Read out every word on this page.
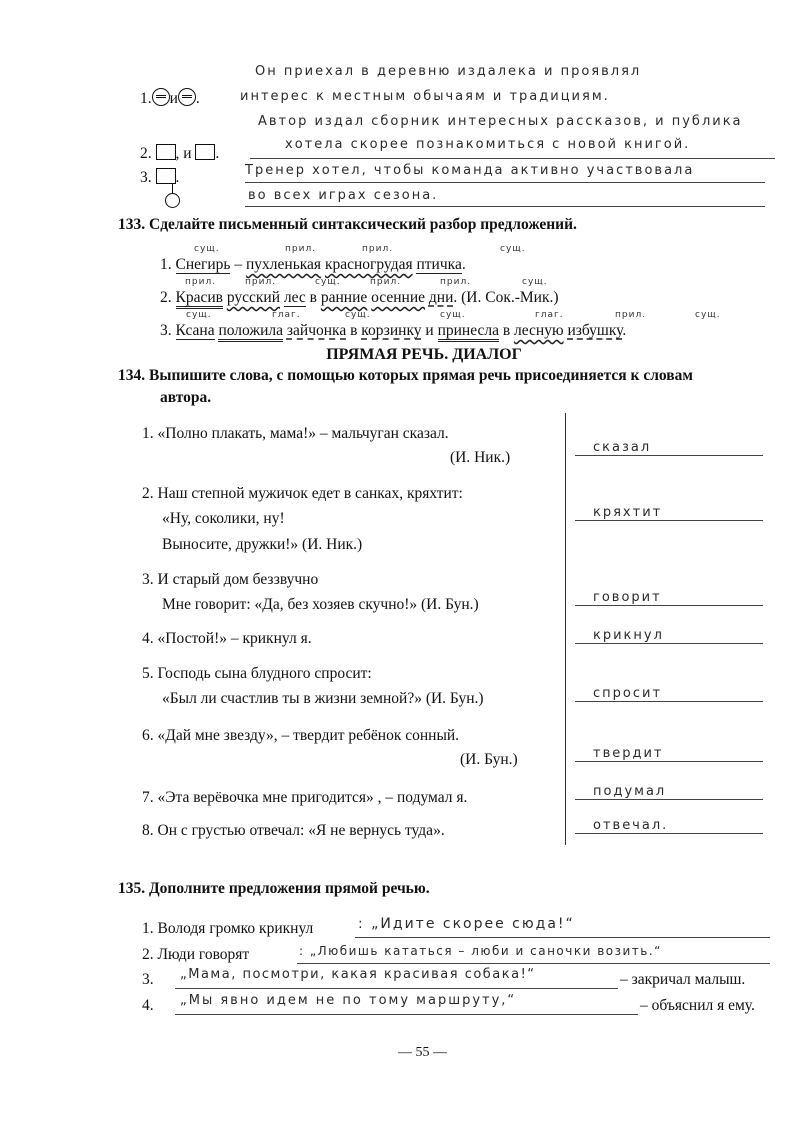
1. и .
Он приехал в деревню издалека и проявлял
интерес к местным обычаям и традициям.
Автор издал сборник интересных рассказов, и публика
2. , и .
хотела скорее познакомиться с новой книгой.
3. .	Тренер хотел, чтобы команда активно участвовала
во всех играх сезона.
133. Сделайте письменный синтаксический разбор предложений.
сущ.	прил.	прил.	сущ.
1. Снегирь – пухленькая красногрудая птичка.
прил.	прил.	сущ.	прил.	прил.	сущ.
2. Красив русский лес в ранние осенние дни. (И. Сок.-Мик.)
сущ.	глаг.	сущ.	сущ.	глаг.	прил.	сущ.
3. Ксана положила зайчонка в корзинку и принесла в лесную избушку.
ПРЯМАЯ РЕЧЬ. ДИАЛОГ
134. Выпишите слова, с помощью которых прямая речь присоединяется к словам
автора.
1. «Полно плакать, мама!» – мальчуган сказал.
(И. Ник.)
сказал
2. Наш степной мужичок едет в санках, кряхтит:
«Ну, соколики, ну!
Выносите, дружки!» (И. Ник.)
кряхтит
3. И старый дом беззвучно
Мне говорит: «Да, без хозяев скучно!» (И. Бун.)	говорит
4. «Постой!» – крикнул я.	крикнул
5. Господь сына блудного спросит:
«Был ли счастлив ты в жизни земной?» (И. Бун.)	спросит
6. «Дай мне звезду», – твердит ребёнок сонный.
(И. Бун.)	твердит
7. «Эта верёвочка мне пригодится» , – подумал я.	подумал
8. Он с грустью отвечал: «Я не вернусь туда».	отвечал.
135. Дополните предложения прямой речью.
1. Володя громко крикнул	: „Идите скорее сюда!“
2. Люди говорят	: „Любишь кататься – люби и саночки возить.“
3. „Мама, посмотри, какая красивая собака!“	– закричал малыш.
4. „Мы явно идем не по тому маршруту,“	– объяснил я ему.
— 55 —
